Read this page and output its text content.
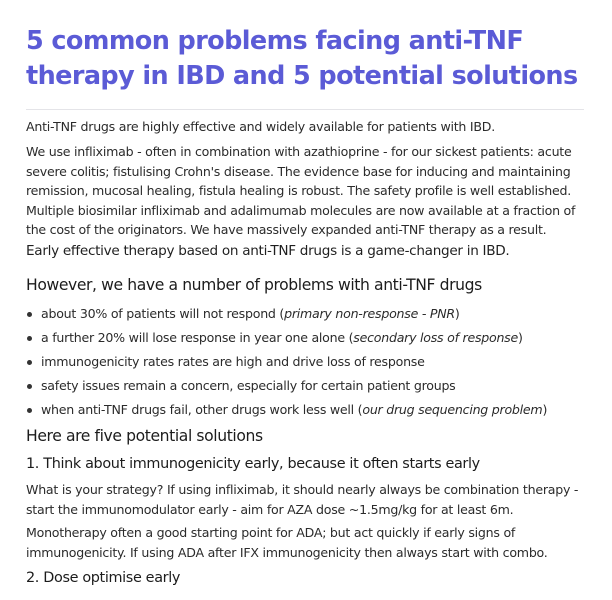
5 common problems facing anti-TNF therapy in IBD and 5 potential solutions

Anti-TNF drugs are highly effective and widely available for patients with IBD.

We use infliximab - often in combination with azathioprine - for our sickest patients: acute severe colitis; fistulising Crohn's disease. The evidence base for inducing and maintaining remission, mucosal healing, fistula healing is robust. The safety profile is well established. Multiple biosimilar infliximab and adalimumab molecules are now available at a fraction of the cost of the originators. We have massively expanded anti-TNF therapy as a result.

Early effective therapy based on anti-TNF drugs is a game-changer in IBD.

However, we have a number of problems with anti-TNF drugs
about 30% of patients will not respond (primary non-response - PNR)
a further 20% will lose response in year one alone (secondary loss of response)
immunogenicity rates rates are high and drive loss of response
safety issues remain a concern, especially for certain patient groups
when anti-TNF drugs fail, other drugs work less well (our drug sequencing problem)
Here are five potential solutions
1. Think about immunogenicity early, because it often starts early

What is your strategy? If using infliximab, it should nearly always be combination therapy - start the immunomodulator early - aim for AZA dose ~1.5mg/kg for at least 6m.

Monotherapy often a good starting point for ADA; but act quickly if early signs of immunogenicity. If using ADA after IFX immunogenicity then always start with combo.

2. Dose optimise early
